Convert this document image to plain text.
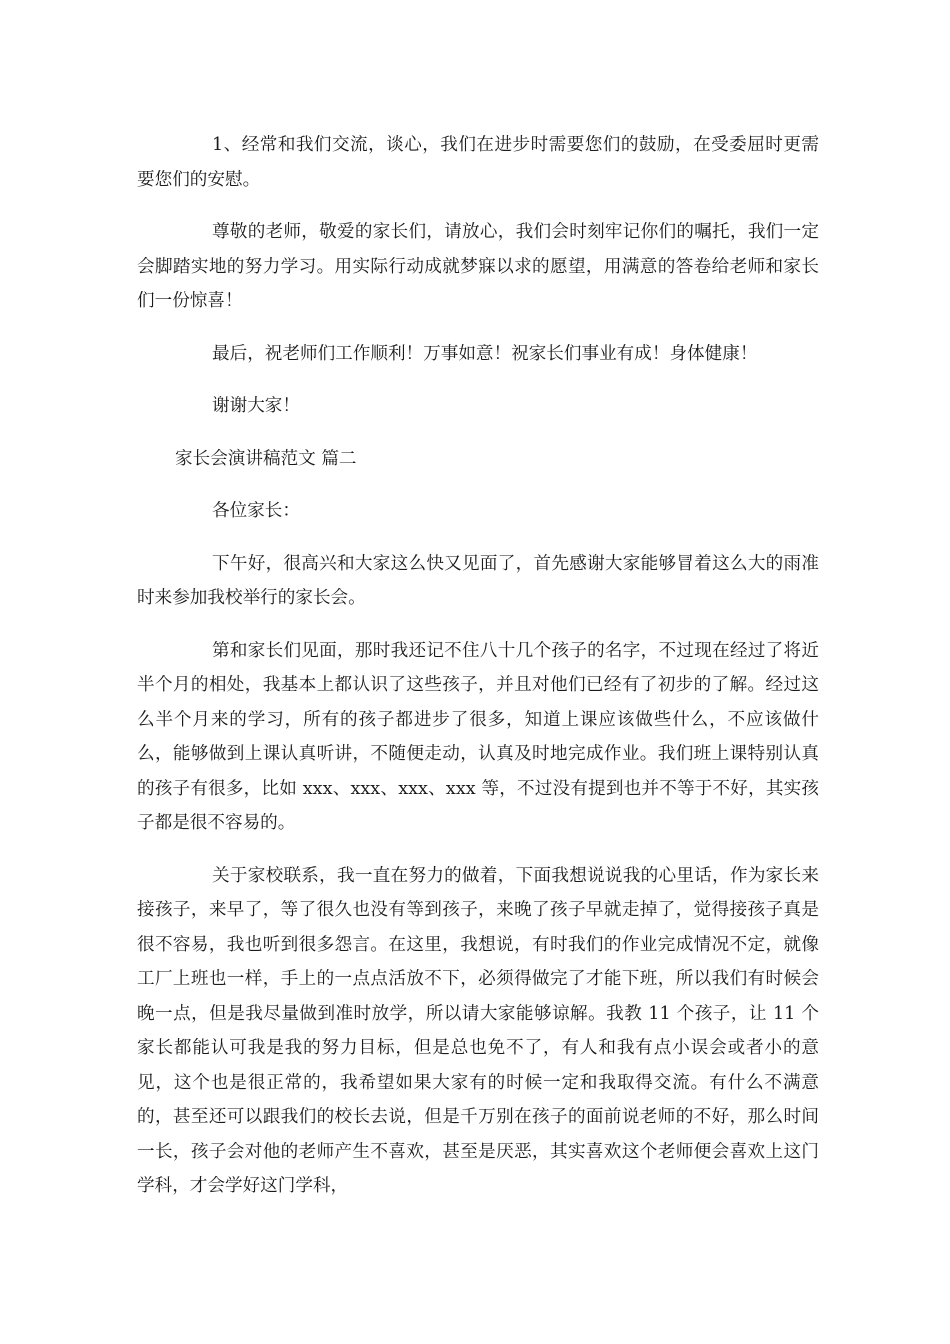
1、经常和我们交流，谈心，我们在进步时需要您们的鼓励，在受委屈时更需要您们的安慰。

尊敬的老师，敬爱的家长们，请放心，我们会时刻牢记你们的嘱托，我们一定会脚踏实地的努力学习。用实际行动成就梦寐以求的愿望，用满意的答卷给老师和家长们一份惊喜！

最后，祝老师们工作顺利！万事如意！祝家长们事业有成！身体健康！

谢谢大家！

家长会演讲稿范文 篇二

各位家长：

下午好，很高兴和大家这么快又见面了，首先感谢大家能够冒着这么大的雨准时来参加我校举行的家长会。

第和家长们见面，那时我还记不住八十几个孩子的名字，不过现在经过了将近半个月的相处，我基本上都认识了这些孩子，并且对他们已经有了初步的了解。经过这么半个月来的学习，所有的孩子都进步了很多，知道上课应该做些什么，不应该做什么，能够做到上课认真听讲，不随便走动，认真及时地完成作业。我们班上课特别认真的孩子有很多，比如 xxx、xxx、xxx、xxx 等，不过没有提到也并不等于不好，其实孩子都是很不容易的。

关于家校联系，我一直在努力的做着，下面我想说说我的心里话，作为家长来接孩子，来早了，等了很久也没有等到孩子，来晚了孩子早就走掉了，觉得接孩子真是很不容易，我也听到很多怨言。在这里，我想说，有时我们的作业完成情况不定，就像工厂上班也一样，手上的一点点活放不下，必须得做完了才能下班，所以我们有时候会晚一点，但是我尽量做到准时放学，所以请大家能够谅解。我教 11 个孩子，让 11 个家长都能认可我是我的努力目标，但是总也免不了，有人和我有点小误会或者小的意见，这个也是很正常的，我希望如果大家有的时候一定和我取得交流。有什么不满意的，甚至还可以跟我们的校长去说，但是千万别在孩子的面前说老师的不好，那么时间一长，孩子会对他的老师产生不喜欢，甚至是厌恶，其实喜欢这个老师便会喜欢上这门学科，才会学好这门学科，
